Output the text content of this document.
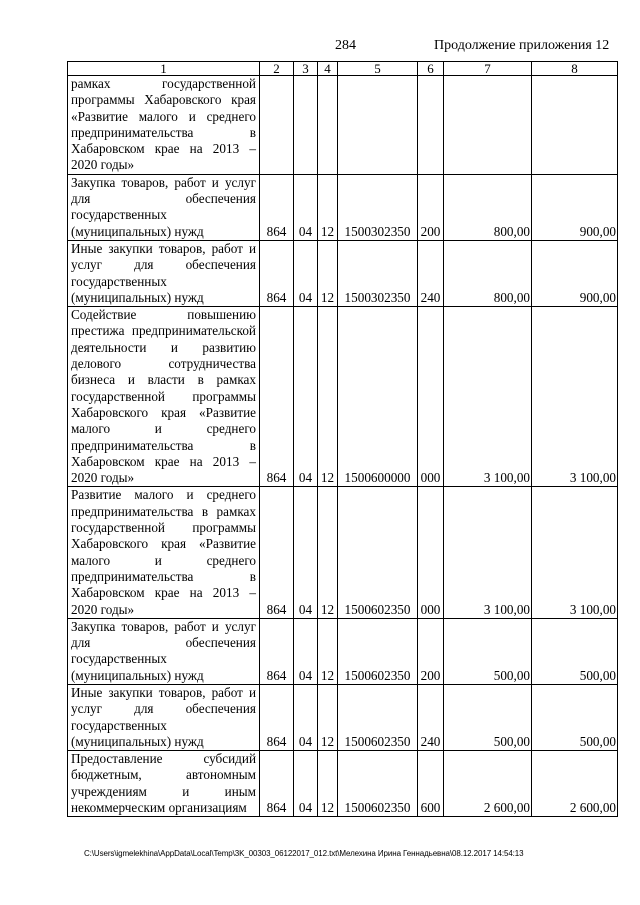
284	Продолжение приложения 12
1	2	3	4	5	6	7	8
рамках государственной программы Хабаровского края «Развитие малого и среднего предпринимательства в Хабаровском крае на 2013 – 2020 годы»							
Закупка товаров, работ и услуг для обеспечения государственных (муниципальных) нужд	864	04	12	1500302350	200	800,00	900,00
Иные закупки товаров, работ и услуг для обеспечения государственных (муниципальных) нужд	864	04	12	1500302350	240	800,00	900,00
Содействие повышению престижа предпринимательской деятельности и развитию делового сотрудничества бизнеса и власти в рамках государственной программы Хабаровского края «Развитие малого и среднего предпринимательства в Хабаровском крае на 2013 – 2020 годы»	864	04	12	1500600000	000	3 100,00	3 100,00
Развитие малого и среднего предпринимательства в рамках государственной программы Хабаровского края «Развитие малого и среднего предпринимательства в Хабаровском крае на 2013 – 2020 годы»	864	04	12	1500602350	000	3 100,00	3 100,00
Закупка товаров, работ и услуг для обеспечения государственных (муниципальных) нужд	864	04	12	1500602350	200	500,00	500,00
Иные закупки товаров, работ и услуг для обеспечения государственных (муниципальных) нужд	864	04	12	1500602350	240	500,00	500,00
Предоставление субсидий бюджетным, автономным учреждениям и иным некоммерческим организациям	864	04	12	1500602350	600	2 600,00	2 600,00
C:\Users\igmelekhina\AppData\Local\Temp\3K_00303_06122017_012.txt\Мелехина Ирина Геннадьевна\08.12.2017 14:54:13
